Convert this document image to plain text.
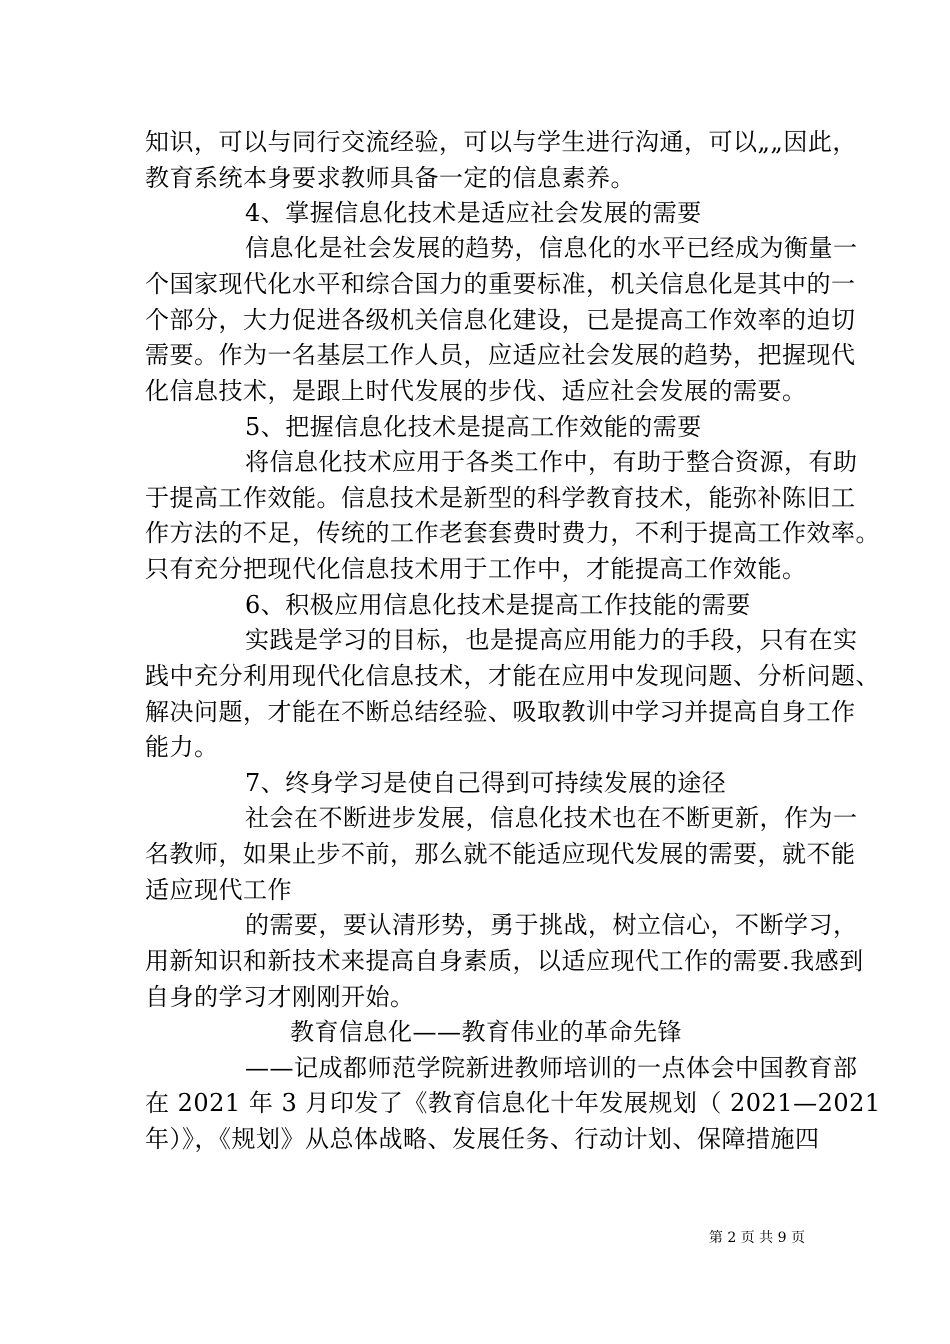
知识，可以与同行交流经验，可以与学生进行沟通，可以„„因此，
教育系统本身要求教师具备一定的信息素养。
4、掌握信息化技术是适应社会发展的需要
信息化是社会发展的趋势，信息化的水平已经成为衡量一
个国家现代化水平和综合国力的重要标准，机关信息化是其中的一
个部分，大力促进各级机关信息化建设，已是提高工作效率的迫切
需要。作为一名基层工作人员，应适应社会发展的趋势，把握现代
化信息技术，是跟上时代发展的步伐、适应社会发展的需要。
5、把握信息化技术是提高工作效能的需要
将信息化技术应用于各类工作中，有助于整合资源，有助
于提高工作效能。信息技术是新型的科学教育技术，能弥补陈旧工
作方法的不足，传统的工作老套套费时费力，不利于提高工作效率。
只有充分把现代化信息技术用于工作中，才能提高工作效能。
6、积极应用信息化技术是提高工作技能的需要
实践是学习的目标，也是提高应用能力的手段，只有在实
践中充分利用现代化信息技术，才能在应用中发现问题、分析问题、
解决问题，才能在不断总结经验、吸取教训中学习并提高自身工作
能力。
7、终身学习是使自己得到可持续发展的途径
社会在不断进步发展，信息化技术也在不断更新，作为一
名教师，如果止步不前，那么就不能适应现代发展的需要，就不能
适应现代工作
的需要，要认清形势，勇于挑战，树立信心，不断学习，
用新知识和新技术来提高自身素质，以适应现代工作的需要.我感到
自身的学习才刚刚开始。
教育信息化——教育伟业的革命先锋
——记成都师范学院新进教师培训的一点体会中国教育部
在 2021 年 3 月印发了《教育信息化十年发展规划（ 2021—2021
年）》，《规划》从总体战略、发展任务、行动计划、保障措施四
第 2 页 共 9 页
